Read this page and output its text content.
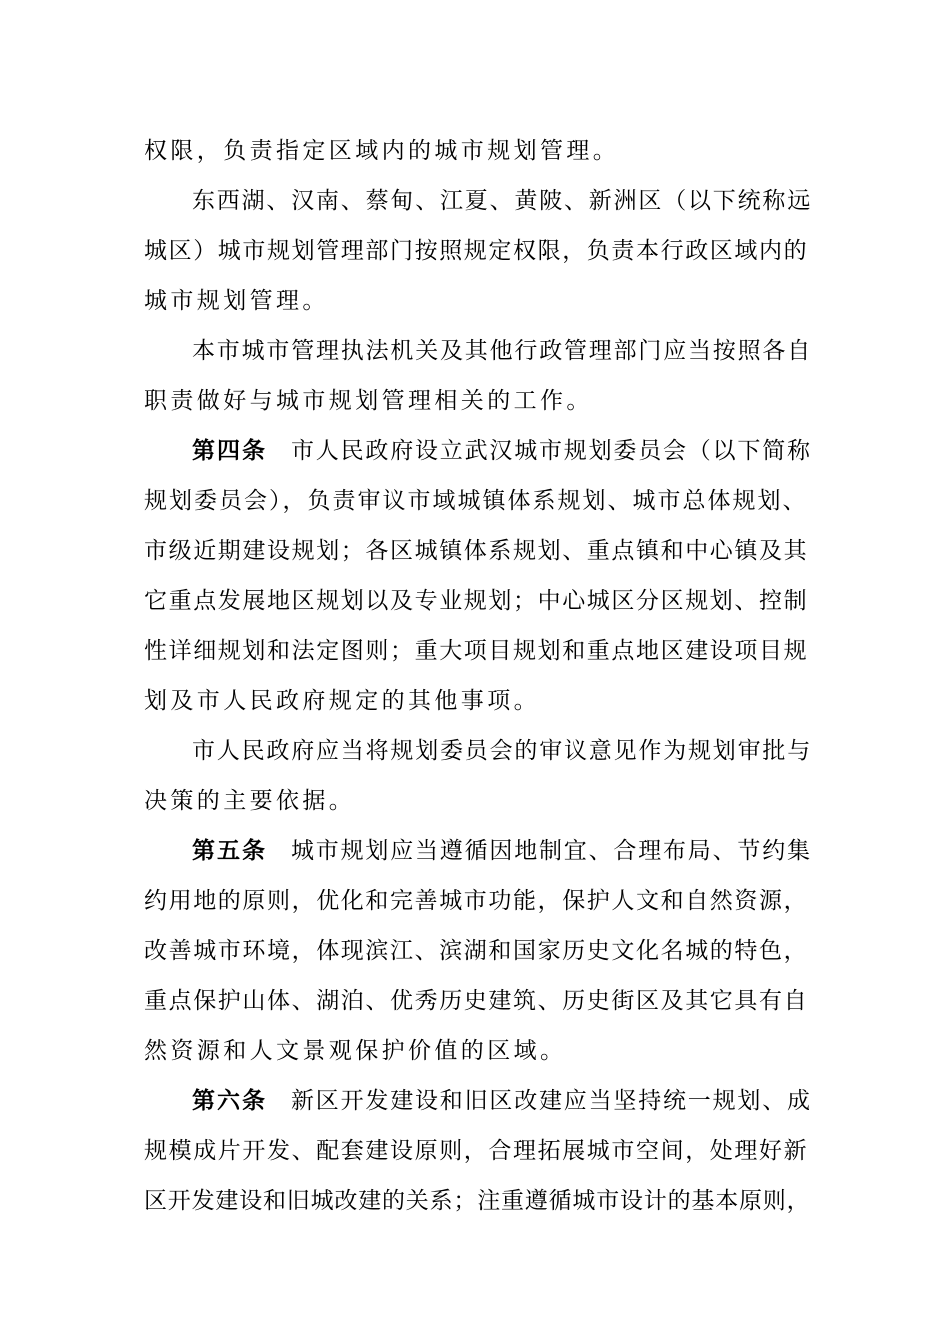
权限，负责指定区域内的城市规划管理。
东西湖、汉南、蔡甸、江夏、黄陂、新洲区（以下统称远
城区）城市规划管理部门按照规定权限，负责本行政区域内的
城市规划管理。
本市城市管理执法机关及其他行政管理部门应当按照各自
职责做好与城市规划管理相关的工作。
第四条 市人民政府设立武汉城市规划委员会（以下简称
规划委员会），负责审议市域城镇体系规划、城市总体规划、
市级近期建设规划；各区城镇体系规划、重点镇和中心镇及其
它重点发展地区规划以及专业规划；中心城区分区规划、控制
性详细规划和法定图则；重大项目规划和重点地区建设项目规
划及市人民政府规定的其他事项。
市人民政府应当将规划委员会的审议意见作为规划审批与
决策的主要依据。
第五条 城市规划应当遵循因地制宜、合理布局、节约集
约用地的原则，优化和完善城市功能，保护人文和自然资源，
改善城市环境，体现滨江、滨湖和国家历史文化名城的特色，
重点保护山体、湖泊、优秀历史建筑、历史街区及其它具有自
然资源和人文景观保护价值的区域。
第六条 新区开发建设和旧区改建应当坚持统一规划、成
规模成片开发、配套建设原则，合理拓展城市空间，处理好新
区开发建设和旧城改建的关系；注重遵循城市设计的基本原则，
